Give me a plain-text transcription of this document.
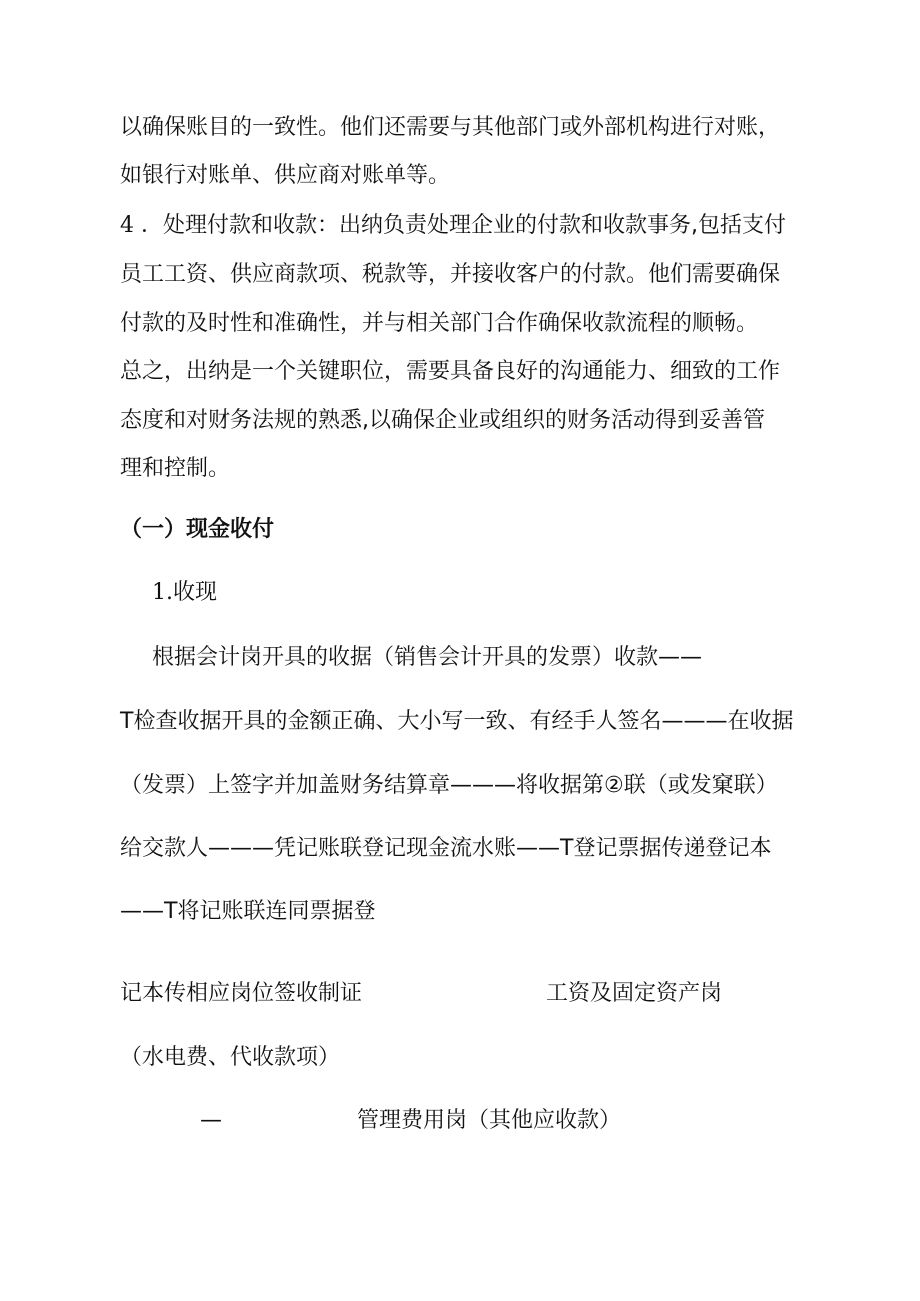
以确保账目的一致性。他们还需要与其他部门或外部机构进行对账，
如银行对账单、供应商对账单等。
4 ．处理付款和收款：出纳负责处理企业的付款和收款事务,包括支付
员工工资、供应商款项、税款等，并接收客户的付款。他们需要确保
付款的及时性和准确性，并与相关部门合作确保收款流程的顺畅。
总之，出纳是一个关键职位，需要具备良好的沟通能力、细致的工作
态度和对财务法规的熟悉,以确保企业或组织的财务活动得到妥善管
理和控制。
（一）现金收付
1.收现
根据会计岗开具的收据（销售会计开具的发票）收款——
T检查收据开具的金额正确、大小写一致、有经手人签名———在收据
（发票）上签字并加盖财务结算章———将收据第②联（或发窠联）
给交款人———凭记账联登记现金流水账——T登记票据传递登记本
——T将记账联连同票据登
记本传相应岗位签收制证	工资及固定资产岗
（水电费、代收款项）
—	管理费用岗（其他应收款）
